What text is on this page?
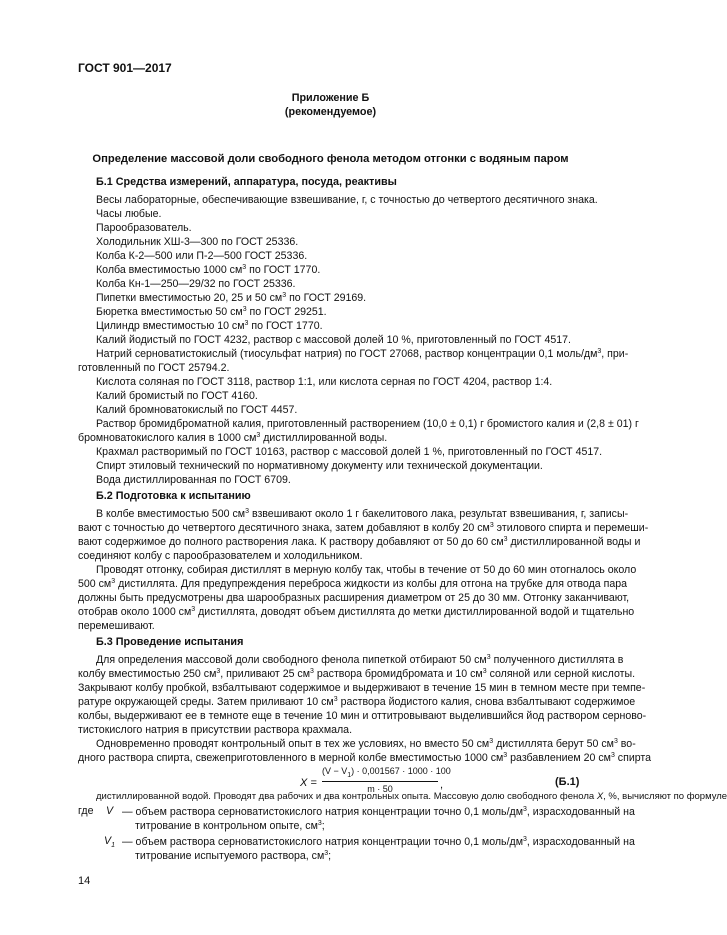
ГОСТ 901—2017
Приложение Б
(рекомендуемое)
Определение массовой доли свободного фенола методом отгонки с водяным паром
Б.1 Средства измерений, аппаратура, посуда, реактивы
Весы лабораторные, обеспечивающие взвешивание, г, с точностью до четвертого десятичного знака.
Часы любые.
Парообразователь.
Холодильник ХШ-3—300 по ГОСТ 25336.
Колба К-2—500 или П-2—500 ГОСТ 25336.
Колба вместимостью 1000 $см^3$ по ГОСТ 1770.
Колба Кн-1—250—29/32 по ГОСТ 25336.
Пипетки вместимостью 20, 25 и 50 $см^3$ по ГОСТ 29169.
Бюретка вместимостью 50 $см^3$ по ГОСТ 29251.
Цилиндр вместимостью 10 $см^3$ по ГОСТ 1770.
Калий йодистый по ГОСТ 4232, раствор с массовой долей 10 %, приготовленный по ГОСТ 4517.
Натрий серноватистокислый (тиосульфат натрия) по ГОСТ 27068, раствор концентрации 0,1 моль/$дм^3$, при-
готовленный по ГОСТ 25794.2.
Кислота соляная по ГОСТ 3118, раствор 1:1, или кислота серная по ГОСТ 4204, раствор 1:4.
Калий бромистый по ГОСТ 4160.
Калий бромноватокислый по ГОСТ 4457.
Раствор бромидброматной калия, приготовленный растворением (10,0 ± 0,1) г бромистого калия и (2,8 ± 01) г
бромноватокислого калия в 1000 $см^3$ дистиллированной воды.
Крахмал растворимый по ГОСТ 10163, раствор с массовой долей 1 %, приготовленный по ГОСТ 4517.
Спирт этиловый технический по нормативному документу или технической документации.
Вода дистиллированная по ГОСТ 6709.
Б.2 Подготовка к испытанию
В колбе вместимостью 500 $см^3$ взвешивают около 1 г бакелитового лака, результат взвешивания, г, записы-
вают с точностью до четвертого десятичного знака, затем добавляют в колбу 20 $см^3$ этилового спирта и перемеши-
вают содержимое до полного растворения лака. К раствору добавляют от 50 до 60 $см^3$ дистиллированной воды и
соединяют колбу с парообразователем и холодильником.
Проводят отгонку, собирая дистиллят в мерную колбу так, чтобы в течение от 50 до 60 мин отогналось около
500 $см^3$ дистиллята. Для предупреждения переброса жидкости из колбы для отгона на трубке для отвода пара
должны быть предусмотрены два шарообразных расширения диаметром от 25 до 30 мм. Отгонку заканчивают,
отобрав около 1000 $см^3$ дистиллята, доводят объем дистиллята до метки дистиллированной водой и тщательно
перемешивают.
Б.3 Проведение испытания
Для определения массовой доли свободного фенола пипеткой отбирают 50 $см^3$ полученного дистиллята в
колбу вместимостью 250 $см^3$, приливают 25 $см^3$ раствора бромидбромата и 10 $см^3$ соляной или серной кислоты.
Закрывают колбу пробкой, взбалтывают содержимое и выдерживают в течение 15 мин в темном месте при темпе-
ратуре окружающей среды. Затем приливают 10 $см^3$ раствора йодистого калия, снова взбалтывают содержимое
колбы, выдерживают ее в темноте еще в течение 10 мин и оттитровывают выделившийся йод раствором серново-
тистокислого натрия в присутствии раствора крахмала.
дного раствора спирта, свежеприготовленного в мерной колбе вместимостью 1000 $см^3$ разбавлением 20 $см^3$ спирта
дистиллированной водой. Проводят два рабочих и два контрольных опыта. Массовую долю свободного фенола X, %, вычисляют по формуле
$X = \frac{(V - V_1) \cdot 0,001567 \cdot 1000 \cdot 100}{m \cdot 50}$ ,	(Б.1)
Одновременно проводят контрольный опыт в тех же условиях, но вместо 50 $см^3$ дистиллята берут 50 $см^3$ во-
где V — объем раствора серноватистокислого натрия концентрации точно 0,1 моль/$дм^3$, израсходованный на
титрование в контрольном опыте, $см^3$;
$V_1$ — объем раствора серноватистокислого натрия концентрации точно 0,1 моль/$дм^3$, израсходованный на
титрование испытуемого раствора, $см^3$;
14
